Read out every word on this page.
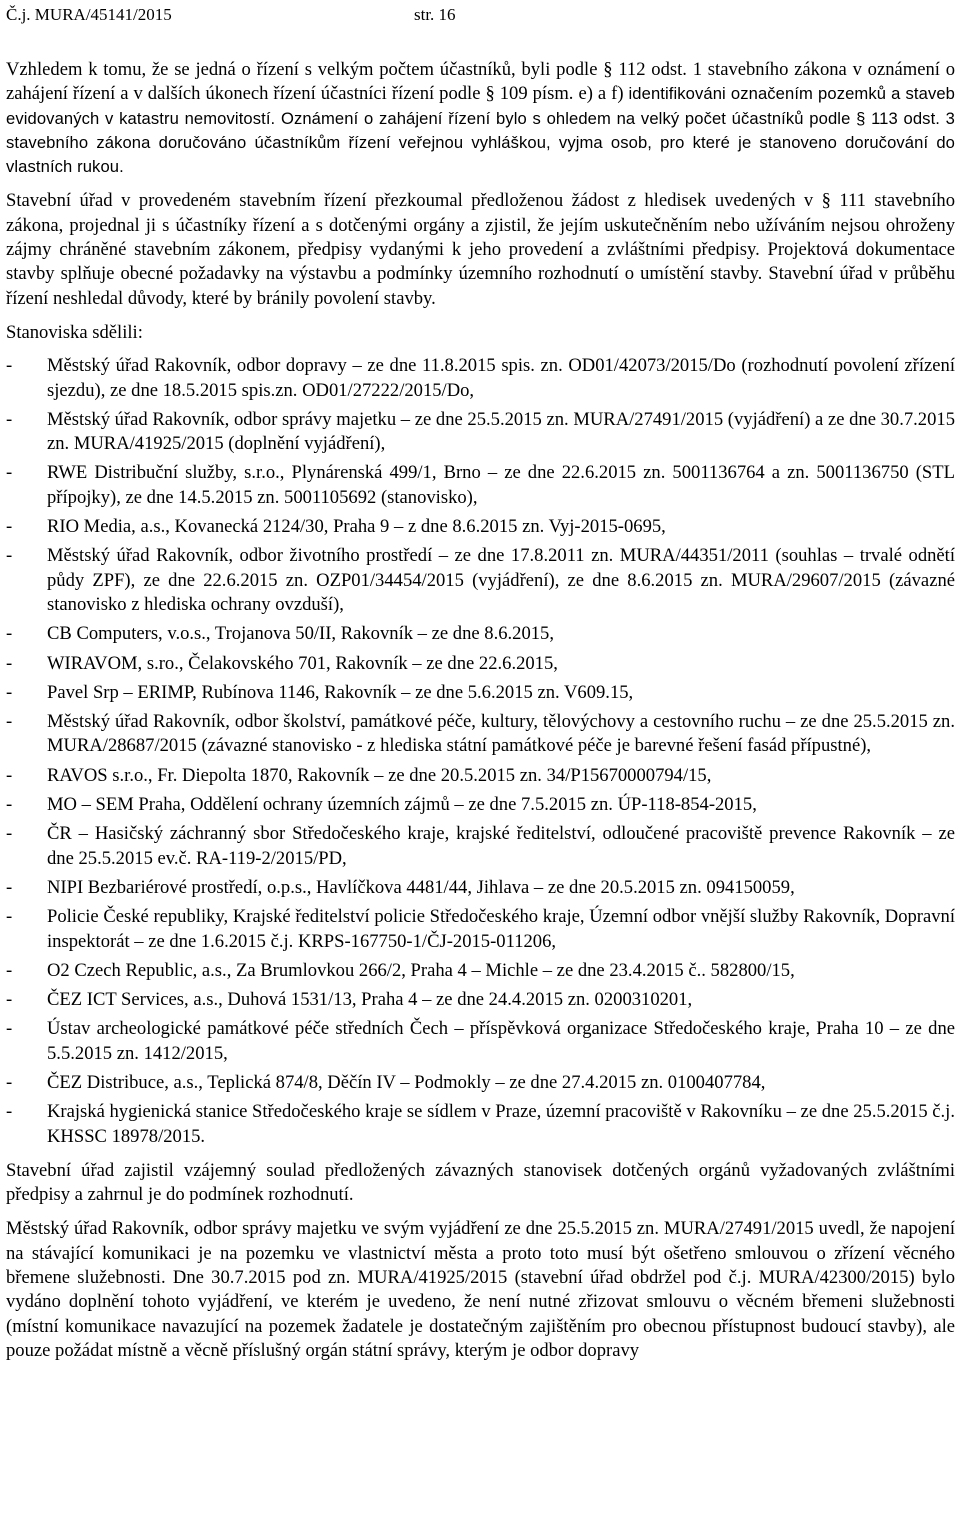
Č.j. MURA/45141/2015	str. 16

Vzhledem k tomu, že se jedná o řízení s velkým počtem účastníků, byli podle § 112 odst. 1 stavebního zákona v oznámení o zahájení řízení a v dalších úkonech řízení účastníci řízení podle § 109 písm. e) a f) identifikováni označením pozemků a staveb evidovaných v katastru nemovitostí. Oznámení o zahájení řízení bylo s ohledem na velký počet účastníků podle § 113 odst. 3 stavebního zákona doručováno účastníkům řízení veřejnou vyhláškou, vyjma osob, pro které je stanoveno doručování do vlastních rukou.

Stavební úřad v provedeném stavebním řízení přezkoumal předloženou žádost z hledisek uvedených v § 111 stavebního zákona, projednal ji s účastníky řízení a s dotčenými orgány a zjistil, že jejím uskutečněním nebo užíváním nejsou ohroženy zájmy chráněné stavebním zákonem, předpisy vydanými k jeho provedení a zvláštními předpisy. Projektová dokumentace stavby splňuje obecné požadavky na výstavbu a podmínky územního rozhodnutí o umístění stavby. Stavební úřad v průběhu řízení neshledal důvody, které by bránily povolení stavby.

Stanoviska sdělili:

- Městský úřad Rakovník, odbor dopravy – ze dne 11.8.2015 spis. zn. OD01/42073/2015/Do (rozhodnutí povolení zřízení sjezdu), ze dne 18.5.2015 spis.zn. OD01/27222/2015/Do,
- Městský úřad Rakovník, odbor správy majetku – ze dne 25.5.2015 zn. MURA/27491/2015 (vyjádření) a ze dne 30.7.2015 zn. MURA/41925/2015 (doplnění vyjádření),
- RWE Distribuční služby, s.r.o., Plynárenská 499/1, Brno – ze dne 22.6.2015 zn. 5001136764 a zn. 5001136750 (STL přípojky), ze dne 14.5.2015 zn. 5001105692 (stanovisko),
- RIO Media, a.s., Kovanecká 2124/30, Praha 9 – z dne 8.6.2015 zn. Vyj-2015-0695,
- Městský úřad Rakovník, odbor životního prostředí – ze dne 17.8.2011 zn. MURA/44351/2011 (souhlas – trvalé odnětí půdy ZPF), ze dne 22.6.2015 zn. OZP01/34454/2015 (vyjádření), ze dne 8.6.2015 zn. MURA/29607/2015 (závazné stanovisko z hlediska ochrany ovzduší),
- CB Computers, v.o.s., Trojanova 50/II, Rakovník – ze dne 8.6.2015,
- WIRAVOM, s.ro., Čelakovského 701, Rakovník – ze dne 22.6.2015,
- Pavel Srp – ERIMP, Rubínova 1146, Rakovník – ze dne 5.6.2015 zn. V609.15,
- Městský úřad Rakovník, odbor školství, památkové péče, kultury, tělovýchovy a cestovního ruchu – ze dne 25.5.2015 zn. MURA/28687/2015 (závazné stanovisko - z hlediska státní památkové péče je barevné řešení fasád přípustné),
- RAVOS s.r.o., Fr. Diepolta 1870, Rakovník – ze dne 20.5.2015 zn. 34/P15670000794/15,
- MO – SEM Praha, Oddělení ochrany územních zájmů – ze dne 7.5.2015 zn. ÚP-118-854-2015,
- ČR – Hasičský záchranný sbor Středočeského kraje, krajské ředitelství, odloučené pracoviště prevence Rakovník – ze dne 25.5.2015 ev.č. RA-119-2/2015/PD,
- NIPI Bezbariérové prostředí, o.p.s., Havlíčkova 4481/44, Jihlava – ze dne 20.5.2015 zn. 094150059,
- Policie České republiky, Krajské ředitelství policie Středočeského kraje, Územní odbor vnější služby Rakovník, Dopravní inspektorát – ze dne 1.6.2015 č.j. KRPS-167750-1/ČJ-2015-011206,
- O2 Czech Republic, a.s., Za Brumlovkou 266/2, Praha 4 – Michle – ze dne 23.4.2015 č.. 582800/15,
- ČEZ ICT Services, a.s., Duhová 1531/13, Praha 4 – ze dne 24.4.2015 zn. 0200310201,
- Ústav archeologické památkové péče středních Čech – příspěvková organizace Středočeského kraje, Praha 10 – ze dne 5.5.2015 zn. 1412/2015,
- ČEZ Distribuce, a.s., Teplická 874/8, Děčín IV – Podmokly – ze dne 27.4.2015 zn. 0100407784,
- Krajská hygienická stanice Středočeského kraje se sídlem v Praze, územní pracoviště v Rakovníku – ze dne 25.5.2015 č.j. KHSSC 18978/2015.

Stavební úřad zajistil vzájemný soulad předložených závazných stanovisek dotčených orgánů vyžadovaných zvláštními předpisy a zahrnul je do podmínek rozhodnutí.

Městský úřad Rakovník, odbor správy majetku ve svým vyjádření ze dne 25.5.2015 zn. MURA/27491/2015 uvedl, že napojení na stávající komunikaci je na pozemku ve vlastnictví města a proto toto musí být ošetřeno smlouvou o zřízení věcného břemene služebnosti. Dne 30.7.2015 pod zn. MURA/41925/2015 (stavební úřad obdržel pod č.j. MURA/42300/2015) bylo vydáno doplnění tohoto vyjádření, ve kterém je uvedeno, že není nutné zřizovat smlouvu o věcném břemeni služebnosti (místní komunikace navazující na pozemek žadatele je dostatečným zajištěním pro obecnou přístupnost budoucí stavby), ale pouze požádat místně a věcně příslušný orgán státní správy, kterým je odbor dopravy
